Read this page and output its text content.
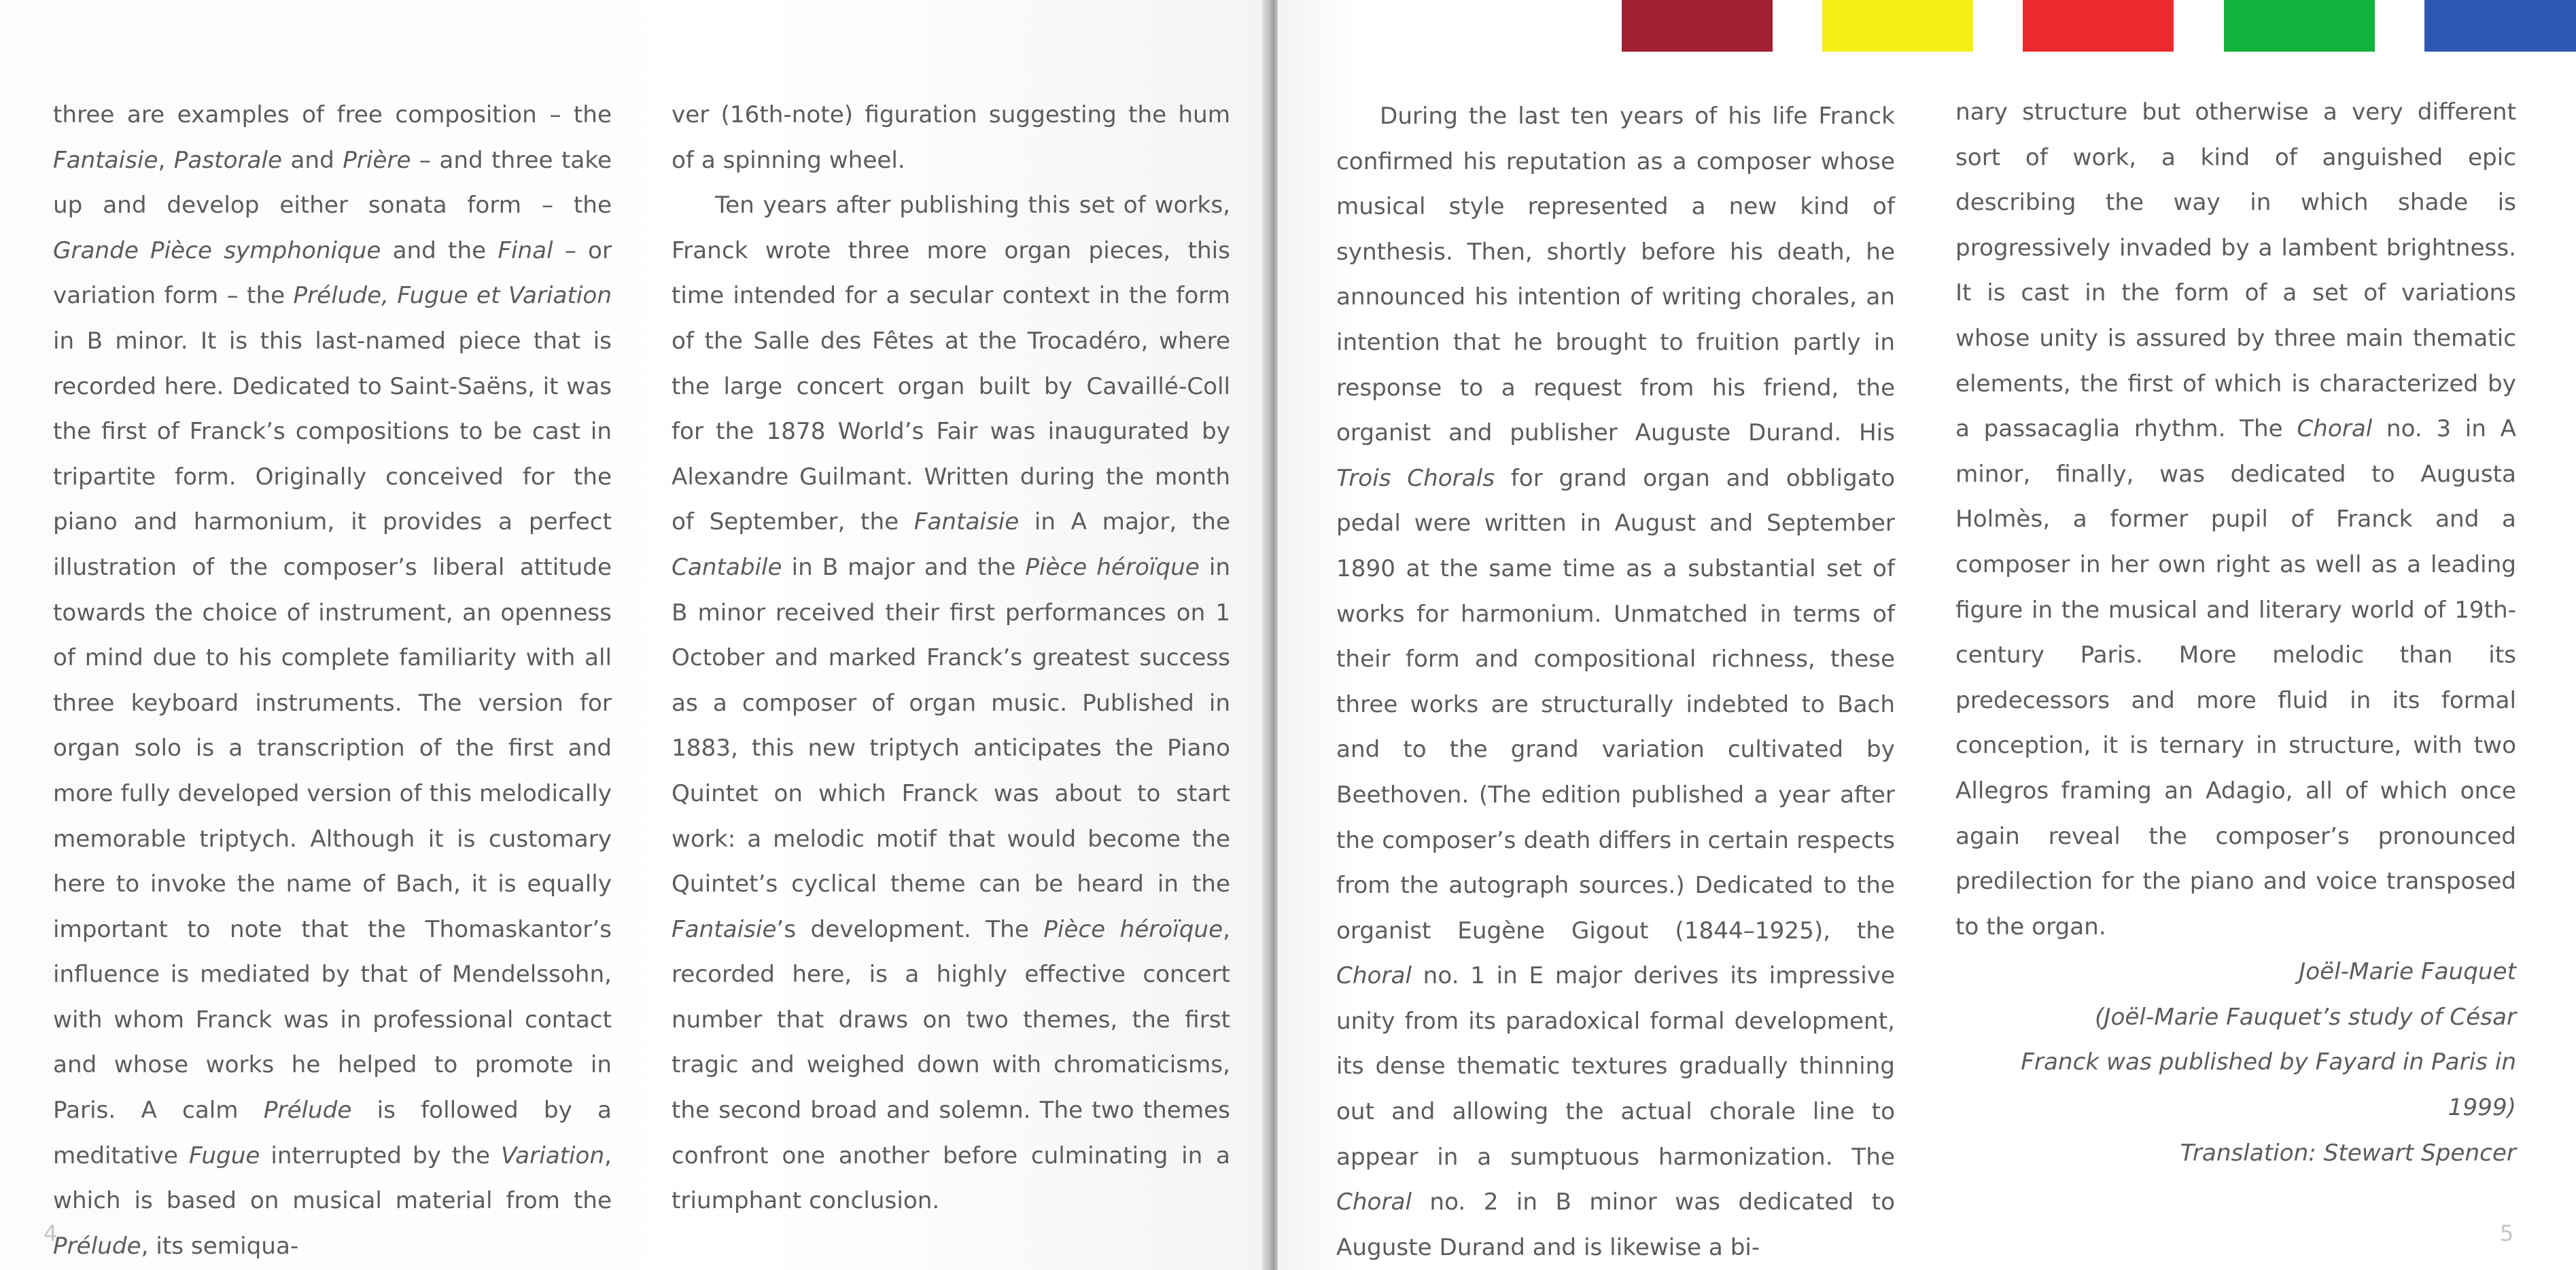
three are examples of free composition – the Fantaisie, Pastorale and Prière – and three take up and develop either sonata form – the Grande Pièce symphonique and the Final – or variation form – the Prélude, Fugue et Variation in B minor. It is this last-named piece that is recorded here. Dedicated to Saint-Saëns, it was the first of Franck’s compositions to be cast in tripartite form. Originally conceived for the piano and harmonium, it provides a perfect illustration of the composer’s liberal attitude towards the choice of instrument, an openness of mind due to his complete familiarity with all three keyboard instruments. The version for organ solo is a transcription of the first and more fully developed version of this melodically memorable triptych. Although it is customary here to invoke the name of Bach, it is equally important to note that the Thomaskantor’s influence is mediated by that of Mendelssohn, with whom Franck was in professional contact and whose works he helped to promote in Paris. A calm Prélude is followed by a meditative Fugue interrupted by the Variation, which is based on musical material from the Prélude, its semiqua-

ver (16th-note) figuration suggesting the hum of a spinning wheel.

Ten years after publishing this set of works, Franck wrote three more organ pieces, this time intended for a secular context in the form of the Salle des Fêtes at the Trocadéro, where the large concert organ built by Cavaillé-Coll for the 1878 World’s Fair was inaugurated by Alexandre Guilmant. Written during the month of September, the Fantaisie in A major, the Cantabile in B major and the Pièce héroïque in B minor received their first performances on 1 October and marked Franck’s greatest success as a composer of organ music. Published in 1883, this new triptych anticipates the Piano Quintet on which Franck was about to start work: a melodic motif that would become the Quintet’s cyclical theme can be heard in the Fantaisie’s development. The Pièce héroïque, recorded here, is a highly effective concert number that draws on two themes, the first tragic and weighed down with chromaticisms, the second broad and solemn. The two themes confront one another before culminating in a triumphant conclusion.

4

During the last ten years of his life Franck confirmed his reputation as a composer whose musical style represented a new kind of synthesis. Then, shortly before his death, he announced his intention of writing chorales, an intention that he brought to fruition partly in response to a request from his friend, the organist and publisher Auguste Durand. His Trois Chorals for grand organ and obbligato pedal were written in August and September 1890 at the same time as a substantial set of works for harmonium. Unmatched in terms of their form and compositional richness, these three works are structurally indebted to Bach and to the grand variation cultivated by Beethoven. (The edition published a year after the composer’s death differs in certain respects from the autograph sources.) Dedicated to the organist Eugène Gigout (1844–1925), the Choral no. 1 in E major derives its impressive unity from its paradoxical formal development, its dense thematic textures gradually thinning out and allowing the actual chorale line to appear in a sumptuous harmonization. The Choral no. 2 in B minor was dedicated to Auguste Durand and is likewise a bi-

nary structure but otherwise a very different sort of work, a kind of anguished epic describing the way in which shade is progressively invaded by a lambent brightness. It is cast in the form of a set of variations whose unity is assured by three main thematic elements, the first of which is characterized by a passacaglia rhythm. The Choral no. 3 in A minor, finally, was dedicated to Augusta Holmès, a former pupil of Franck and a composer in her own right as well as a leading figure in the musical and literary world of 19th-century Paris. More melodic than its predecessors and more fluid in its formal conception, it is ternary in structure, with two Allegros framing an Adagio, all of which once again reveal the composer’s pronounced predilection for the piano and voice transposed to the organ.

Joël-Marie Fauquet

(Joël-Marie Fauquet’s study of César

Franck was published by Fayard in Paris in 1999)

Translation: Stewart Spencer

5
